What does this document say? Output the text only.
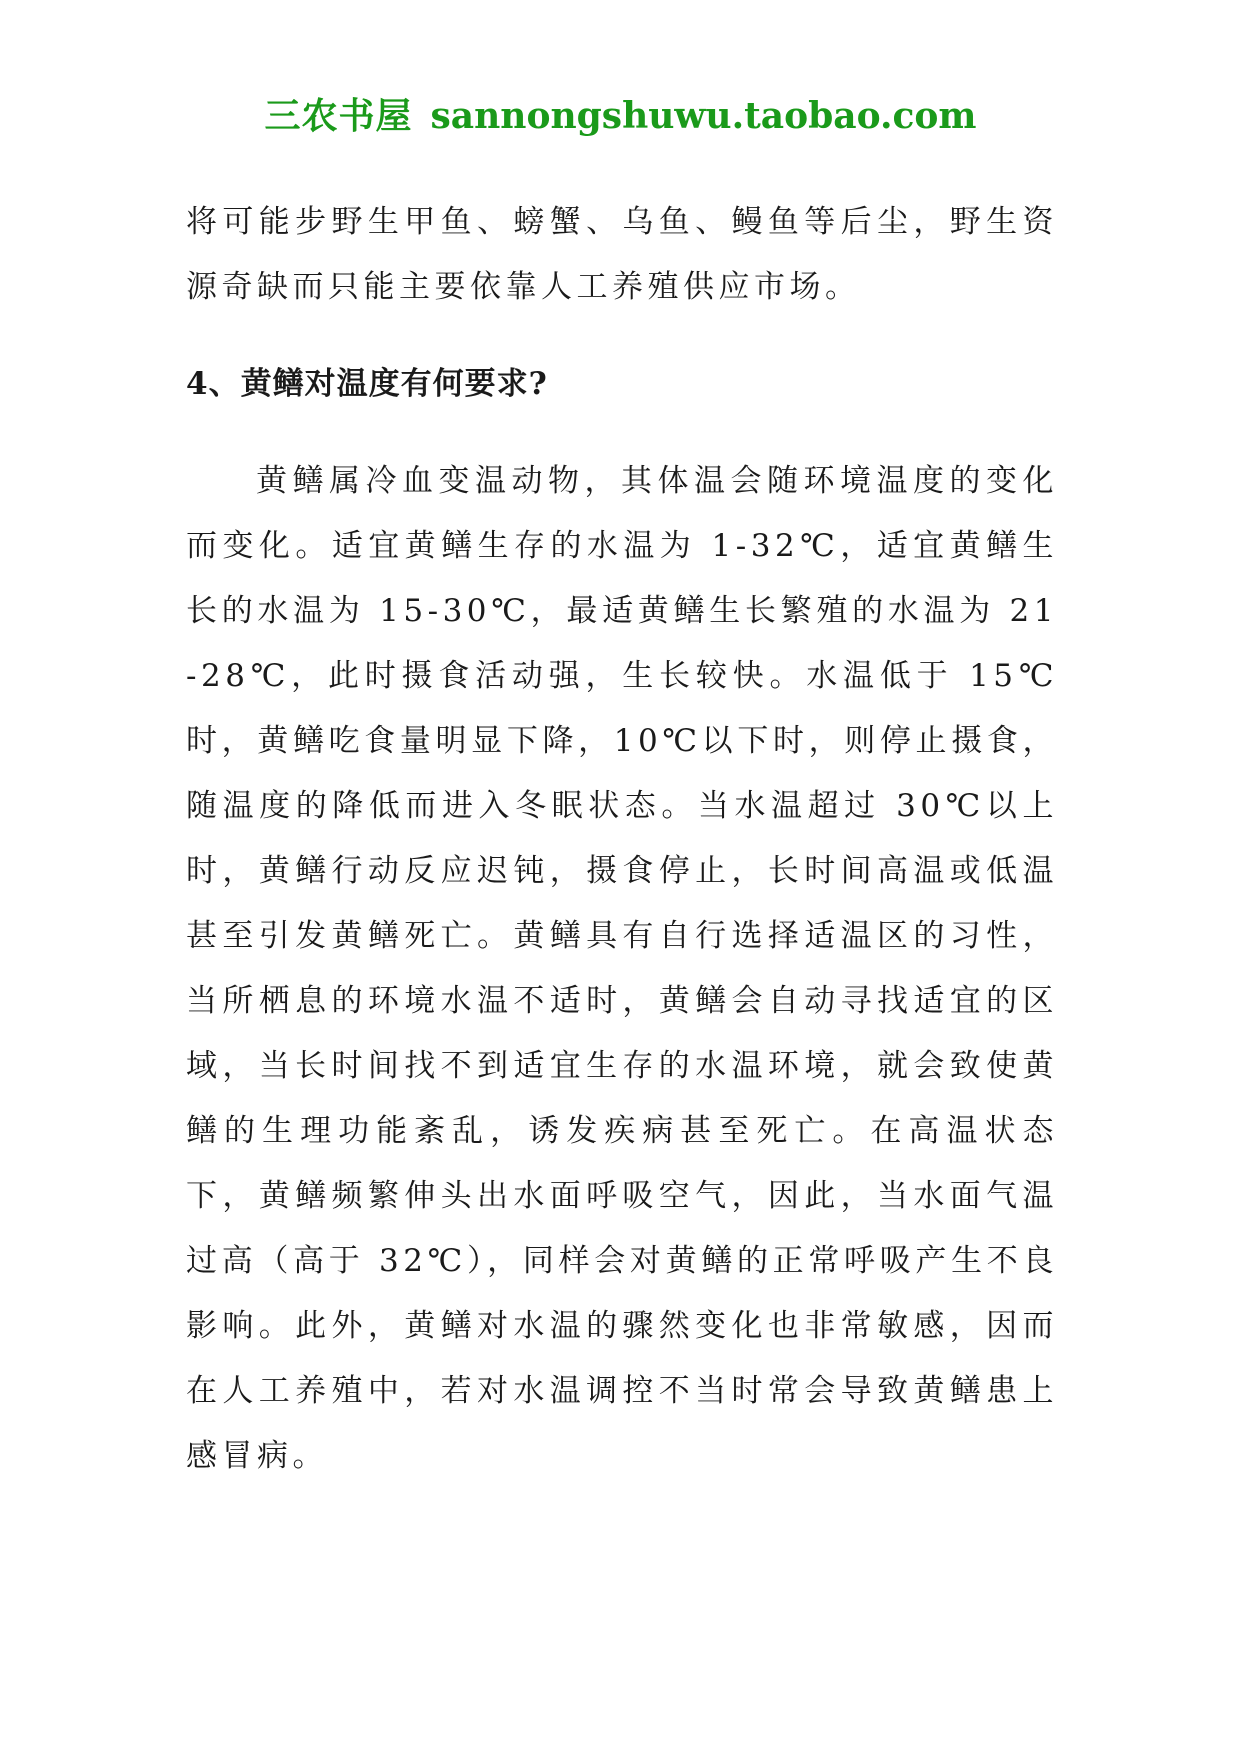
三农书屋 sannongshuwu.taobao.com

将可能步野生甲鱼、螃蟹、乌鱼、鳗鱼等后尘，野生资源奇缺而只能主要依靠人工养殖供应市场。

4、黄鳝对温度有何要求?

黄鳝属冷血变温动物，其体温会随环境温度的变化而变化。适宜黄鳝生存的水温为 1-32℃，适宜黄鳝生长的水温为 15-30℃，最适黄鳝生长繁殖的水温为 21-28℃，此时摄食活动强，生长较快。水温低于 15℃时，黄鳝吃食量明显下降，10℃以下时，则停止摄食，随温度的降低而进入冬眠状态。当水温超过 30℃以上时，黄鳝行动反应迟钝，摄食停止，长时间高温或低温甚至引发黄鳝死亡。黄鳝具有自行选择适温区的习性，当所栖息的环境水温不适时，黄鳝会自动寻找适宜的区域，当长时间找不到适宜生存的水温环境，就会致使黄鳝的生理功能紊乱，诱发疾病甚至死亡。在高温状态下，黄鳝频繁伸头出水面呼吸空气，因此，当水面气温过高（高于 32℃），同样会对黄鳝的正常呼吸产生不良影响。此外，黄鳝对水温的骤然变化也非常敏感，因而在人工养殖中，若对水温调控不当时常会导致黄鳝患上感冒病。
